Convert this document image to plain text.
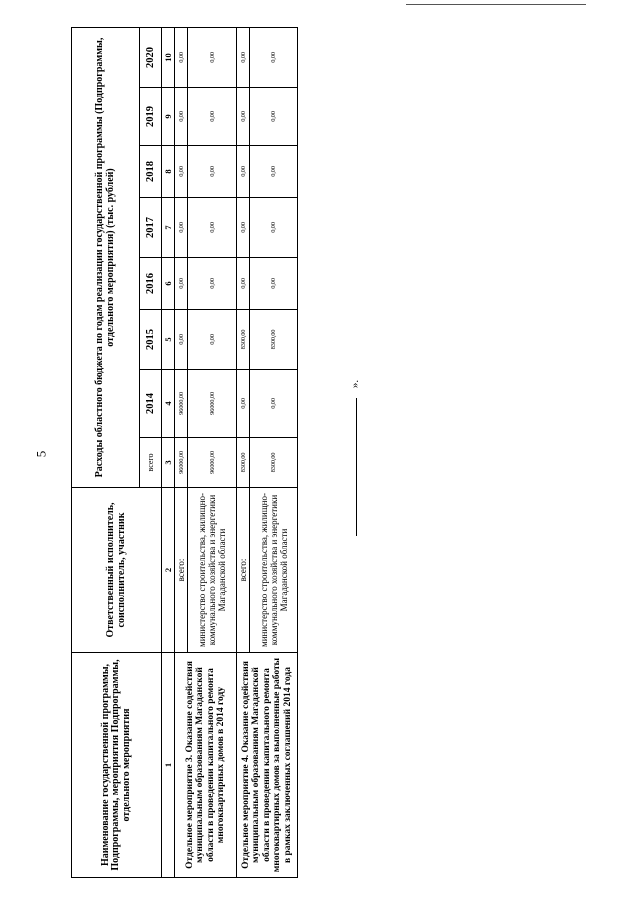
5
Наименование государственной программы, Подпрограммы, мероприятия Подпрограммы, отдельного мероприятия	Ответственный исполнитель, соисполнитель, участник	Расходы областного бюджета по годам реализации государственной программы (Подпрограммы, отдельного мероприятия) (тыс. рублей)							
		всего	2014	2015	2016	2017	2018	2019	2020
1	2	3	4	5	6	7	8	9	10
Отдельное мероприятие 3. Оказание содействия муниципальным образованиям Магаданской области в проведении капитального ремонта многоквартирных домов в 2014 году	всего:	96000,00	96000,00	0,00	0,00	0,00	0,00	0,00	0,00
	министерство строительства, жилищно-коммунального хозяйства и энергетики Магаданской области	96000,00	96000,00	0,00	0,00	0,00	0,00	0,00	0,00
Отдельное мероприятие 4. Оказание содействия муниципальным образованиям Магаданской области в проведении капитального ремонта многоквартирных домов за выполненные работы в рамках заключенных соглашений 2014 года	всего:	8300,00	0,00	8300,00	0,00	0,00	0,00	0,00	0,00
	министерство строительства, жилищно-коммунального хозяйства и энергетики Магаданской области	8300,00	0,00	8300,00	0,00	0,00	0,00	0,00	0,00
».
